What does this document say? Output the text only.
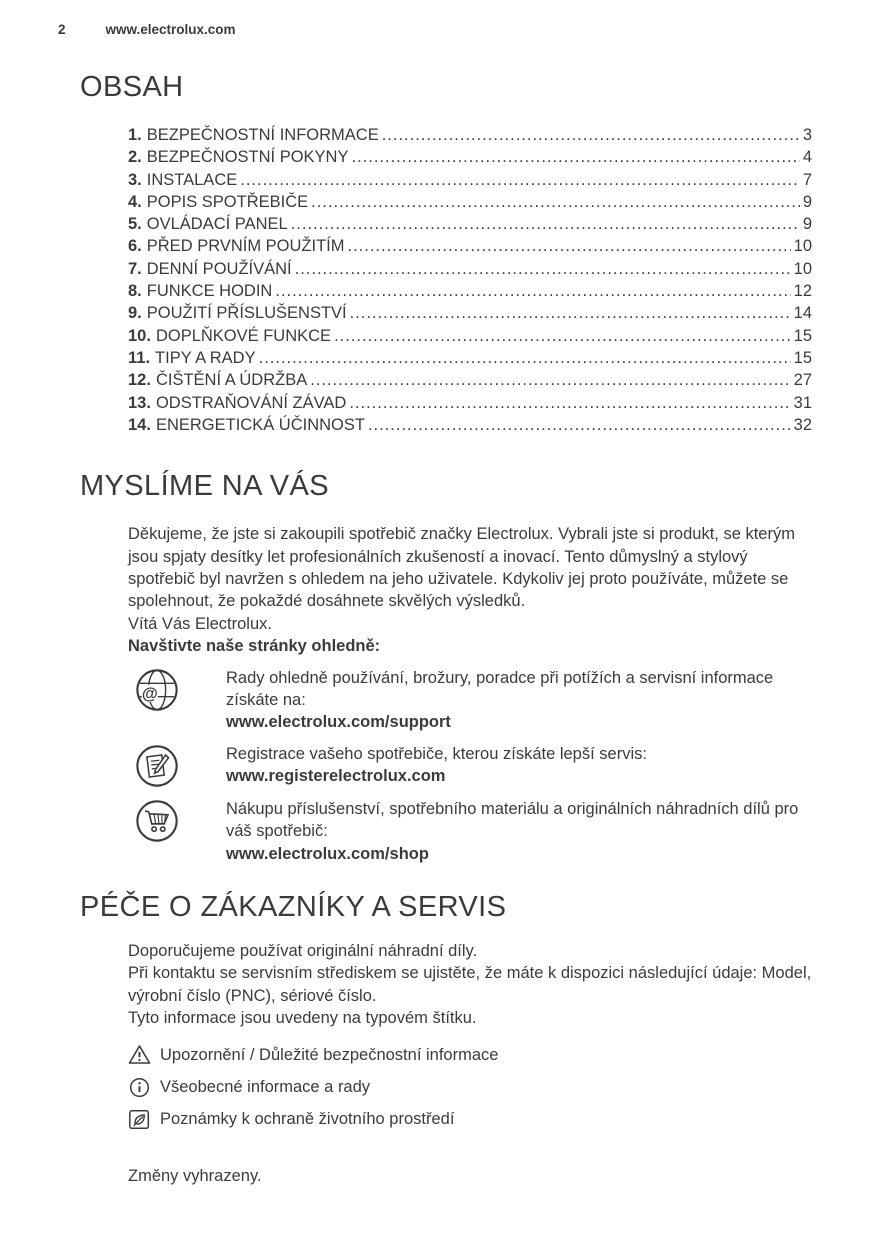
2	www.electrolux.com
OBSAH
1. BEZPEČNOSTNÍ INFORMACE .....	3
2. BEZPEČNOSTNÍ POKYNY .....	4
3. INSTALACE .....	7
4. POPIS SPOTŘEBIČE .....	9
5. OVLÁDACÍ PANEL .....	9
6. PŘED PRVNÍM POUŽITÍM .....	10
7. DENNÍ POUŽÍVÁNÍ .....	10
8. FUNKCE HODIN .....	12
9. POUŽITÍ PŘÍSLUŠENSTVÍ .....	14
10. DOPLŇKOVÉ FUNKCE .....	15
11. TIPY A RADY .....	15
12. ČIŠTĚNÍ A ÚDRŽBA .....	27
13. ODSTRAŇOVÁNÍ ZÁVAD .....	31
14. ENERGETICKÁ ÚČINNOST .....	32
MYSLÍME NA VÁS

Děkujeme, že jste si zakoupili spotřebič značky Electrolux. Vybrali jste si produkt, se kterým jsou spjaty desítky let profesionálních zkušeností a inovací. Tento důmyslný a stylový spotřebič byl navržen s ohledem na jeho uživatele. Kdykoliv jej proto používáte, můžete se spolehnout, že pokaždé dosáhnete skvělých výsledků.

Vítá Vás Electrolux.

Navštivte naše stránky ohledně:

@
Rady ohledně používání, brožury, poradce při potížích a servisní informace získáte na:
www.electrolux.com/support
Registrace vašeho spotřebiče, kterou získáte lepší servis:
www.registerelectrolux.com
Nákupu příslušenství, spotřebního materiálu a originálních náhradních dílů pro váš spotřebič:
www.electrolux.com/shop
PÉČE O ZÁKAZNÍKY A SERVIS

Doporučujeme používat originální náhradní díly.

Při kontaktu se servisním střediskem se ujistěte, že máte k dispozici následující údaje: Model, výrobní číslo (PNC), sériové číslo.

Tyto informace jsou uvedeny na typovém štítku.

Upozornění / Důležité bezpečnostní informace
Všeobecné informace a rady
Poznámky k ochraně životního prostředí

Změny vyhrazeny.
